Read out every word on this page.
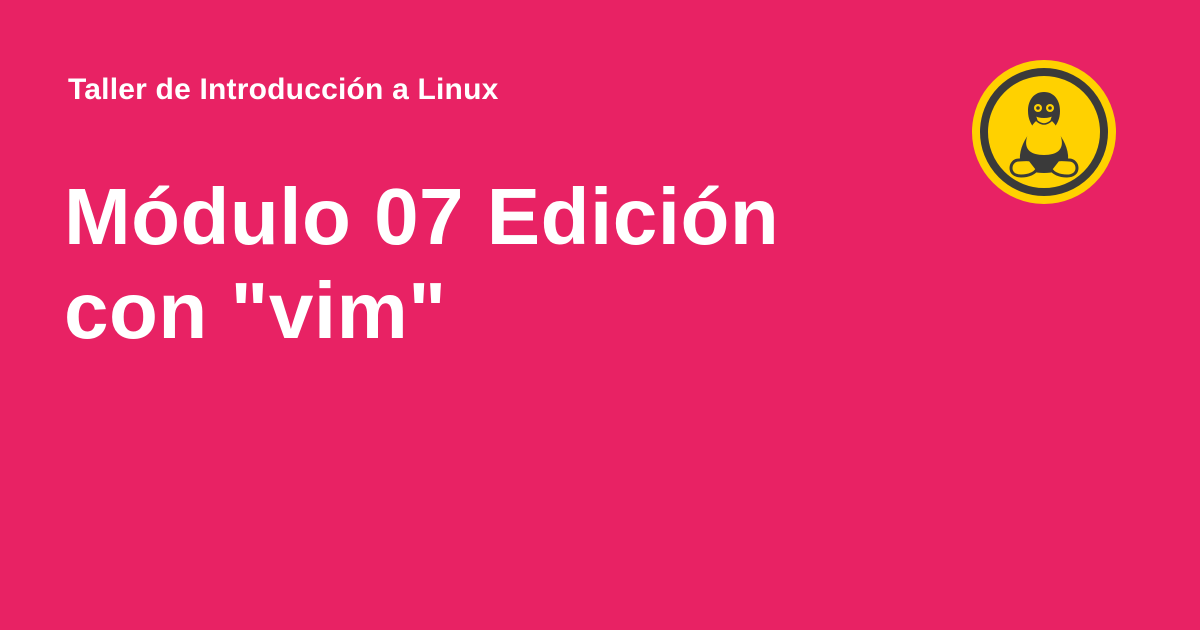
Taller de Introducción a Linux
Módulo 07 Edición con "vim"
